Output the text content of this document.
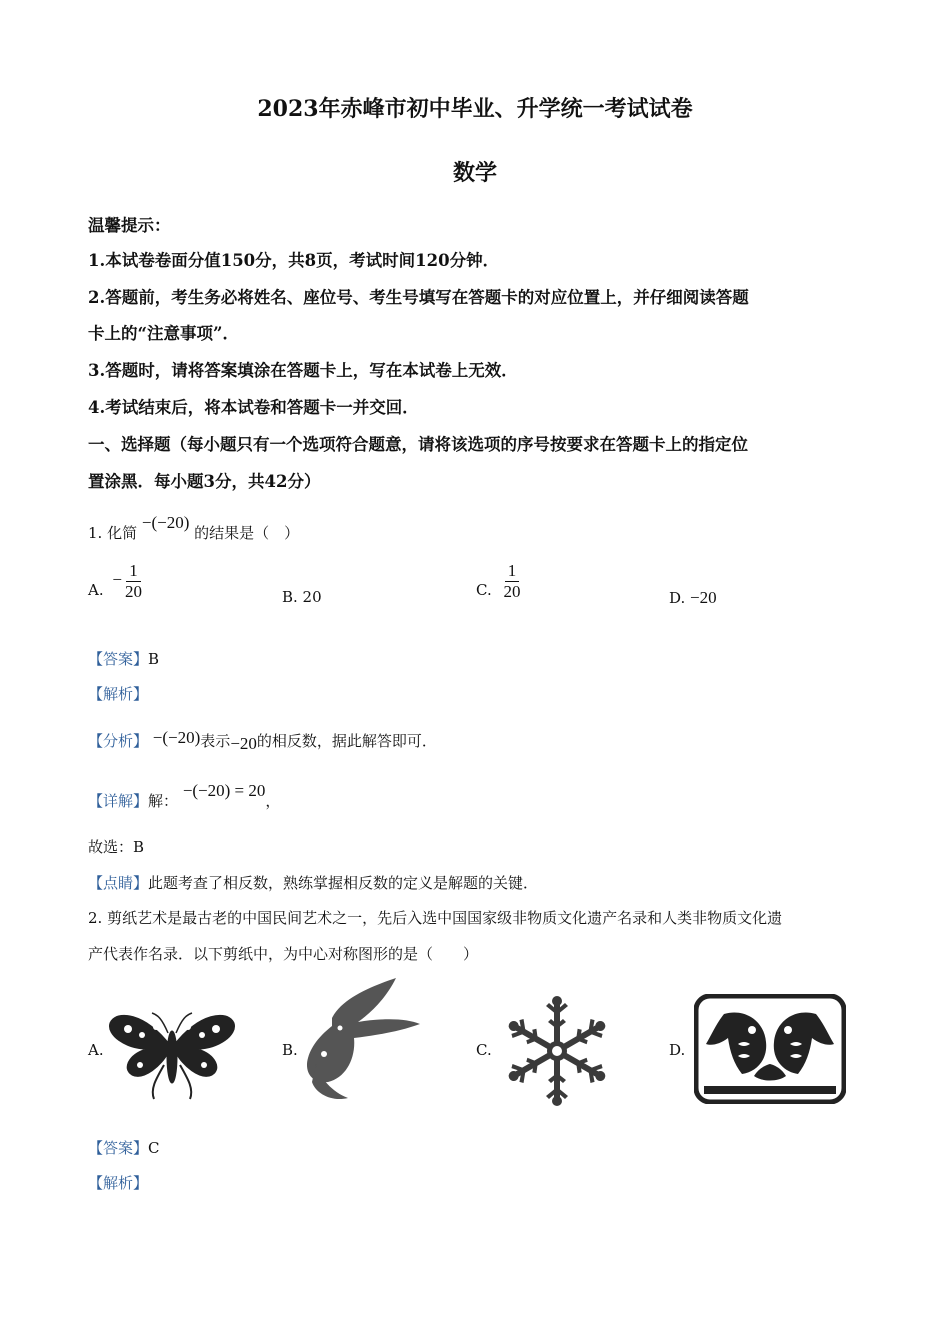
2023年赤峰市初中毕业、升学统一考试试卷
数学
温馨提示：
1.本试卷卷面分值150分，共8页，考试时间120分钟．
2.答题前，考生务必将姓名、座位号、考生号填写在答题卡的对应位置上，并仔细阅读答题
卡上的“注意事项”．
3.答题时，请将答案填涂在答题卡上，写在本试卷上无效．
4.考试结束后，将本试卷和答题卡一并交回．
一、选择题（每小题只有一个选项符合题意，请将该选项的序号按要求在答题卡上的指定位
置涂黑．每小题3分，共42分）
1. 化简 −(−20) 的结果是（　）
A. − $\frac{1}{20}$	B. 20	C. $\frac{1}{20}$	D. −20
【答案】B
【解析】
【分析】 −(−20)表示−20的相反数，据此解答即可．
【详解】解： −(−20) = 20，
故选：B
【点睛】此题考查了相反数，熟练掌握相反数的定义是解题的关键．
2. 剪纸艺术是最古老的中国民间艺术之一，先后入选中国国家级非物质文化遗产名录和人类非物质文化遗
产代表作名录．以下剪纸中，为中心对称图形的是（　　）
A.	B.	C.	D.
【答案】C
【解析】
